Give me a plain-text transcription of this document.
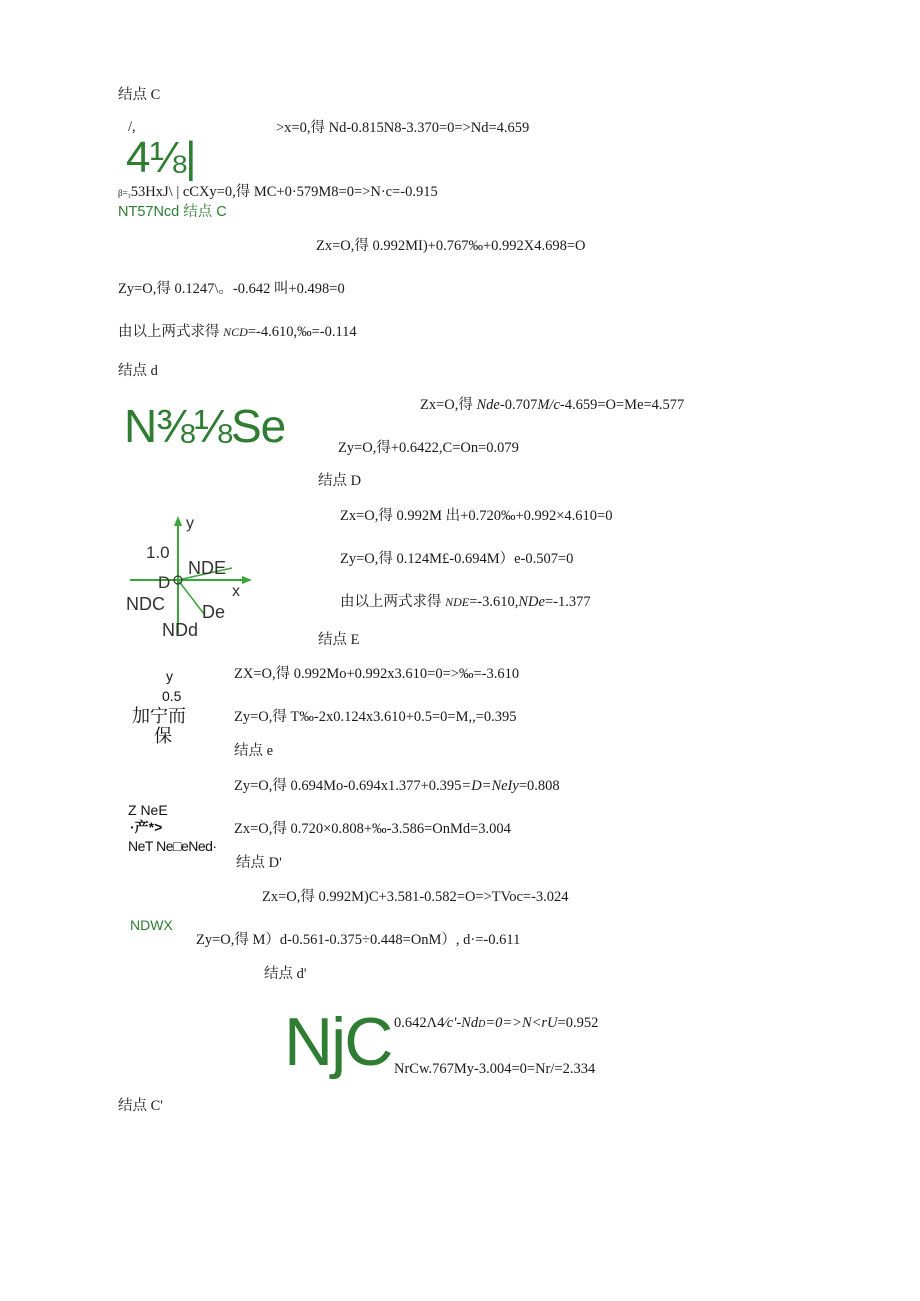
结点 C
/,	>x=0,得 Nd-0.815N8-3.370=0=>Nd=4.659
4⅛|
β=₃53HxJ\ | cCXy=0,得 MC+0·579M8=0=>N·c=-0.915
NT57Ncd 结点 C
Zx=O,得 0.992MI)+0.767‰+0.992X4.698=O
Zy=O,得 0.1247\。-0.642 叫+0.498=0
由以上两式求得 NCD=-4.610,‰=-0.114
结点 d
N⅜⅛Se	Zx=O,得 Nde-0.707M/c-4.659=O=Me=4.577
Zy=O,得+0.6422,C=On=0.079
结点 D
Zx=O,得 0.992M 出+0.720‰+0.992×4.610=0
Zy=O,得 0.124M£-0.694M）e-0.507=0
由以上两式求得 NDE=-3.610,NDe=-1.377
y
1.0
D
NDE
x
NDC De
NDd	结点 E
y
0.5
加宁而
保
ZX=O,得 0.992Mo+0.992x3.610=0=>‰=-3.610
Zy=O,得 T‰-2x0.124x3.610+0.5=0=M,,=0.395
结点 e
Zy=O,得 0.694Mo-0.694x1.377+0.395=D=NeIy=0.808
Z NeE
·产*>
NeT Ne□eNed·
Zx=O,得 0.720×0.808+‰-3.586=OnMd=3.004
结点 D'
Zx=O,得 0.992M)C+3.581-0.582=O=>TVoc=-3.024
NDWX
Zy=O,得 M）d-0.561-0.375÷0.448=OnM）, d·=-0.611
结点 d'
NjC 0.642Λ4⁄c'-NdD=0=>N<rU=0.952
NrCw.767My-3.004=0=Nr/=2.334
结点 C'
